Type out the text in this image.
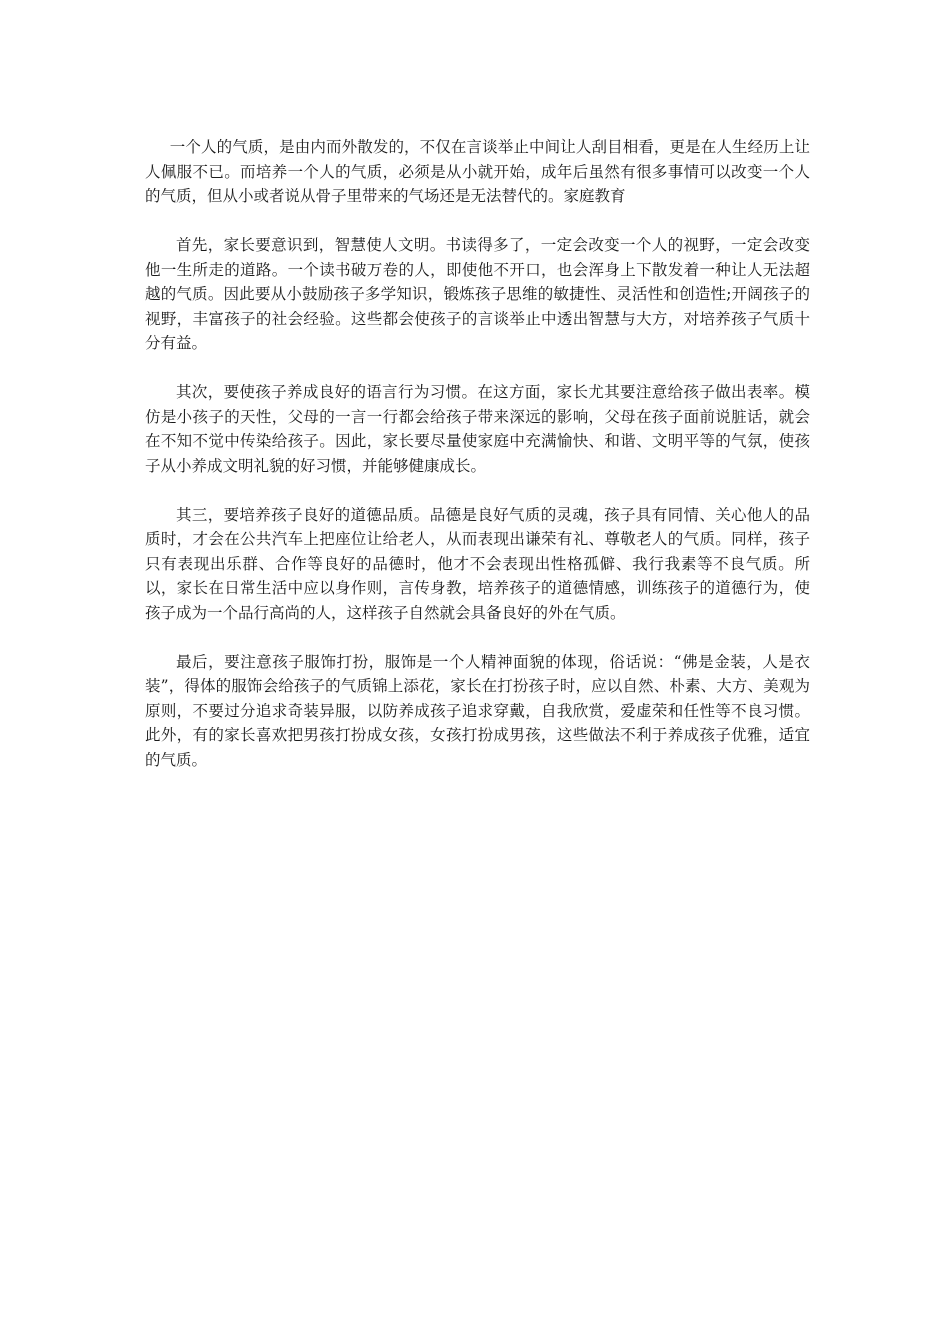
一个人的气质，是由内而外散发的，不仅在言谈举止中间让人刮目相看，更是在人生经历上让人佩服不已。而培养一个人的气质，必须是从小就开始，成年后虽然有很多事情可以改变一个人的气质，但从小或者说从骨子里带来的气场还是无法替代的。家庭教育

首先，家长要意识到，智慧使人文明。书读得多了，一定会改变一个人的视野，一定会改变他一生所走的道路。一个读书破万卷的人，即使他不开口，也会浑身上下散发着一种让人无法超越的气质。因此要从小鼓励孩子多学知识，锻炼孩子思维的敏捷性、灵活性和创造性;开阔孩子的视野，丰富孩子的社会经验。这些都会使孩子的言谈举止中透出智慧与大方，对培养孩子气质十分有益。

其次，要使孩子养成良好的语言行为习惯。在这方面，家长尤其要注意给孩子做出表率。模仿是小孩子的天性，父母的一言一行都会给孩子带来深远的影响，父母在孩子面前说脏话，就会在不知不觉中传染给孩子。因此，家长要尽量使家庭中充满愉快、和谐、文明平等的气氛，使孩子从小养成文明礼貌的好习惯，并能够健康成长。

其三，要培养孩子良好的道德品质。品德是良好气质的灵魂，孩子具有同情、关心他人的品质时，才会在公共汽车上把座位让给老人，从而表现出谦荣有礼、尊敬老人的气质。同样，孩子只有表现出乐群、合作等良好的品德时，他才不会表现出性格孤僻、我行我素等不良气质。所以，家长在日常生活中应以身作则，言传身教，培养孩子的道德情感，训练孩子的道德行为，使孩子成为一个品行高尚的人，这样孩子自然就会具备良好的外在气质。

最后，要注意孩子服饰打扮，服饰是一个人精神面貌的体现，俗话说：“佛是金装，人是衣装”，得体的服饰会给孩子的气质锦上添花，家长在打扮孩子时，应以自然、朴素、大方、美观为原则，不要过分追求奇装异服，以防养成孩子追求穿戴，自我欣赏，爱虚荣和任性等不良习惯。此外，有的家长喜欢把男孩打扮成女孩，女孩打扮成男孩，这些做法不利于养成孩子优雅，适宜的气质。
